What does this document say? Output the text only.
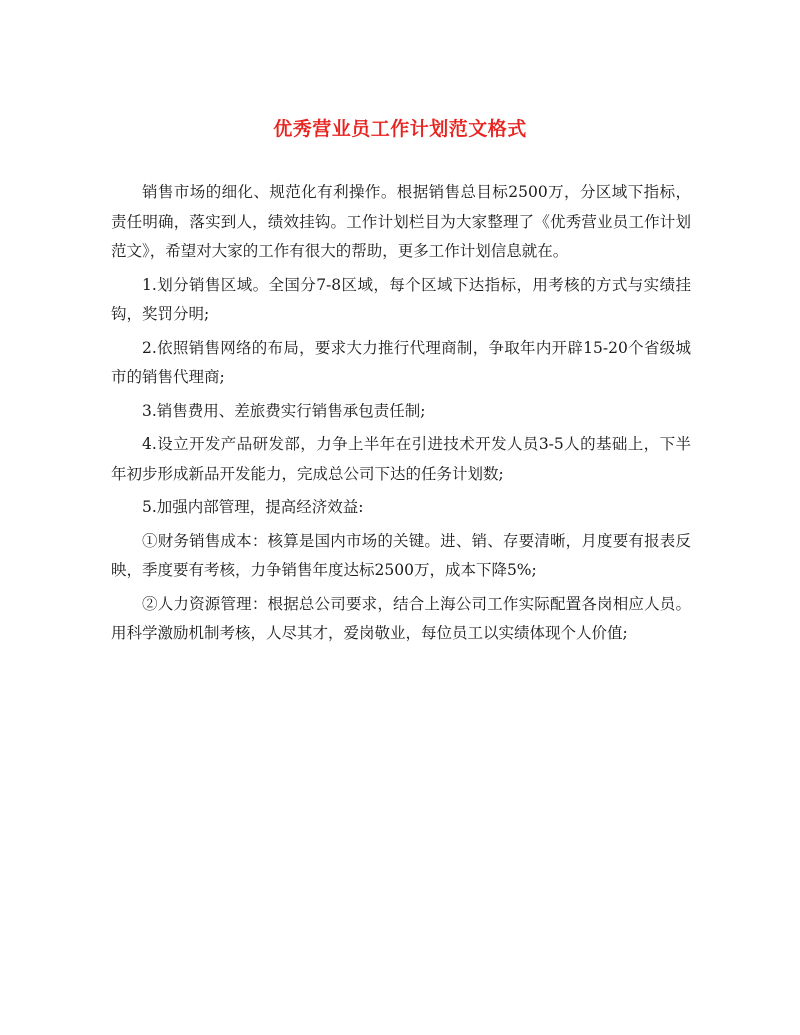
优秀营业员工作计划范文格式

销售市场的细化、规范化有利操作。根据销售总目标2500万，分区域下指标，责任明确，落实到人，绩效挂钩。工作计划栏目为大家整理了《优秀营业员工作计划范文》，希望对大家的工作有很大的帮助，更多工作计划信息就在。

1.划分销售区域。全国分7-8区域，每个区域下达指标，用考核的方式与实绩挂钩，奖罚分明;

2.依照销售网络的布局，要求大力推行代理商制，争取年内开辟15-20个省级城市的销售代理商;

3.销售费用、差旅费实行销售承包责任制;

4.设立开发产品研发部，力争上半年在引进技术开发人员3-5人的基础上，下半年初步形成新品开发能力，完成总公司下达的任务计划数;

5.加强内部管理，提高经济效益:

①财务销售成本：核算是国内市场的关键。进、销、存要清晰，月度要有报表反映，季度要有考核，力争销售年度达标2500万，成本下降5%;

②人力资源管理：根据总公司要求，结合上海公司工作实际配置各岗相应人员。用科学激励机制考核，人尽其才，爱岗敬业，每位员工以实绩体现个人价值;
